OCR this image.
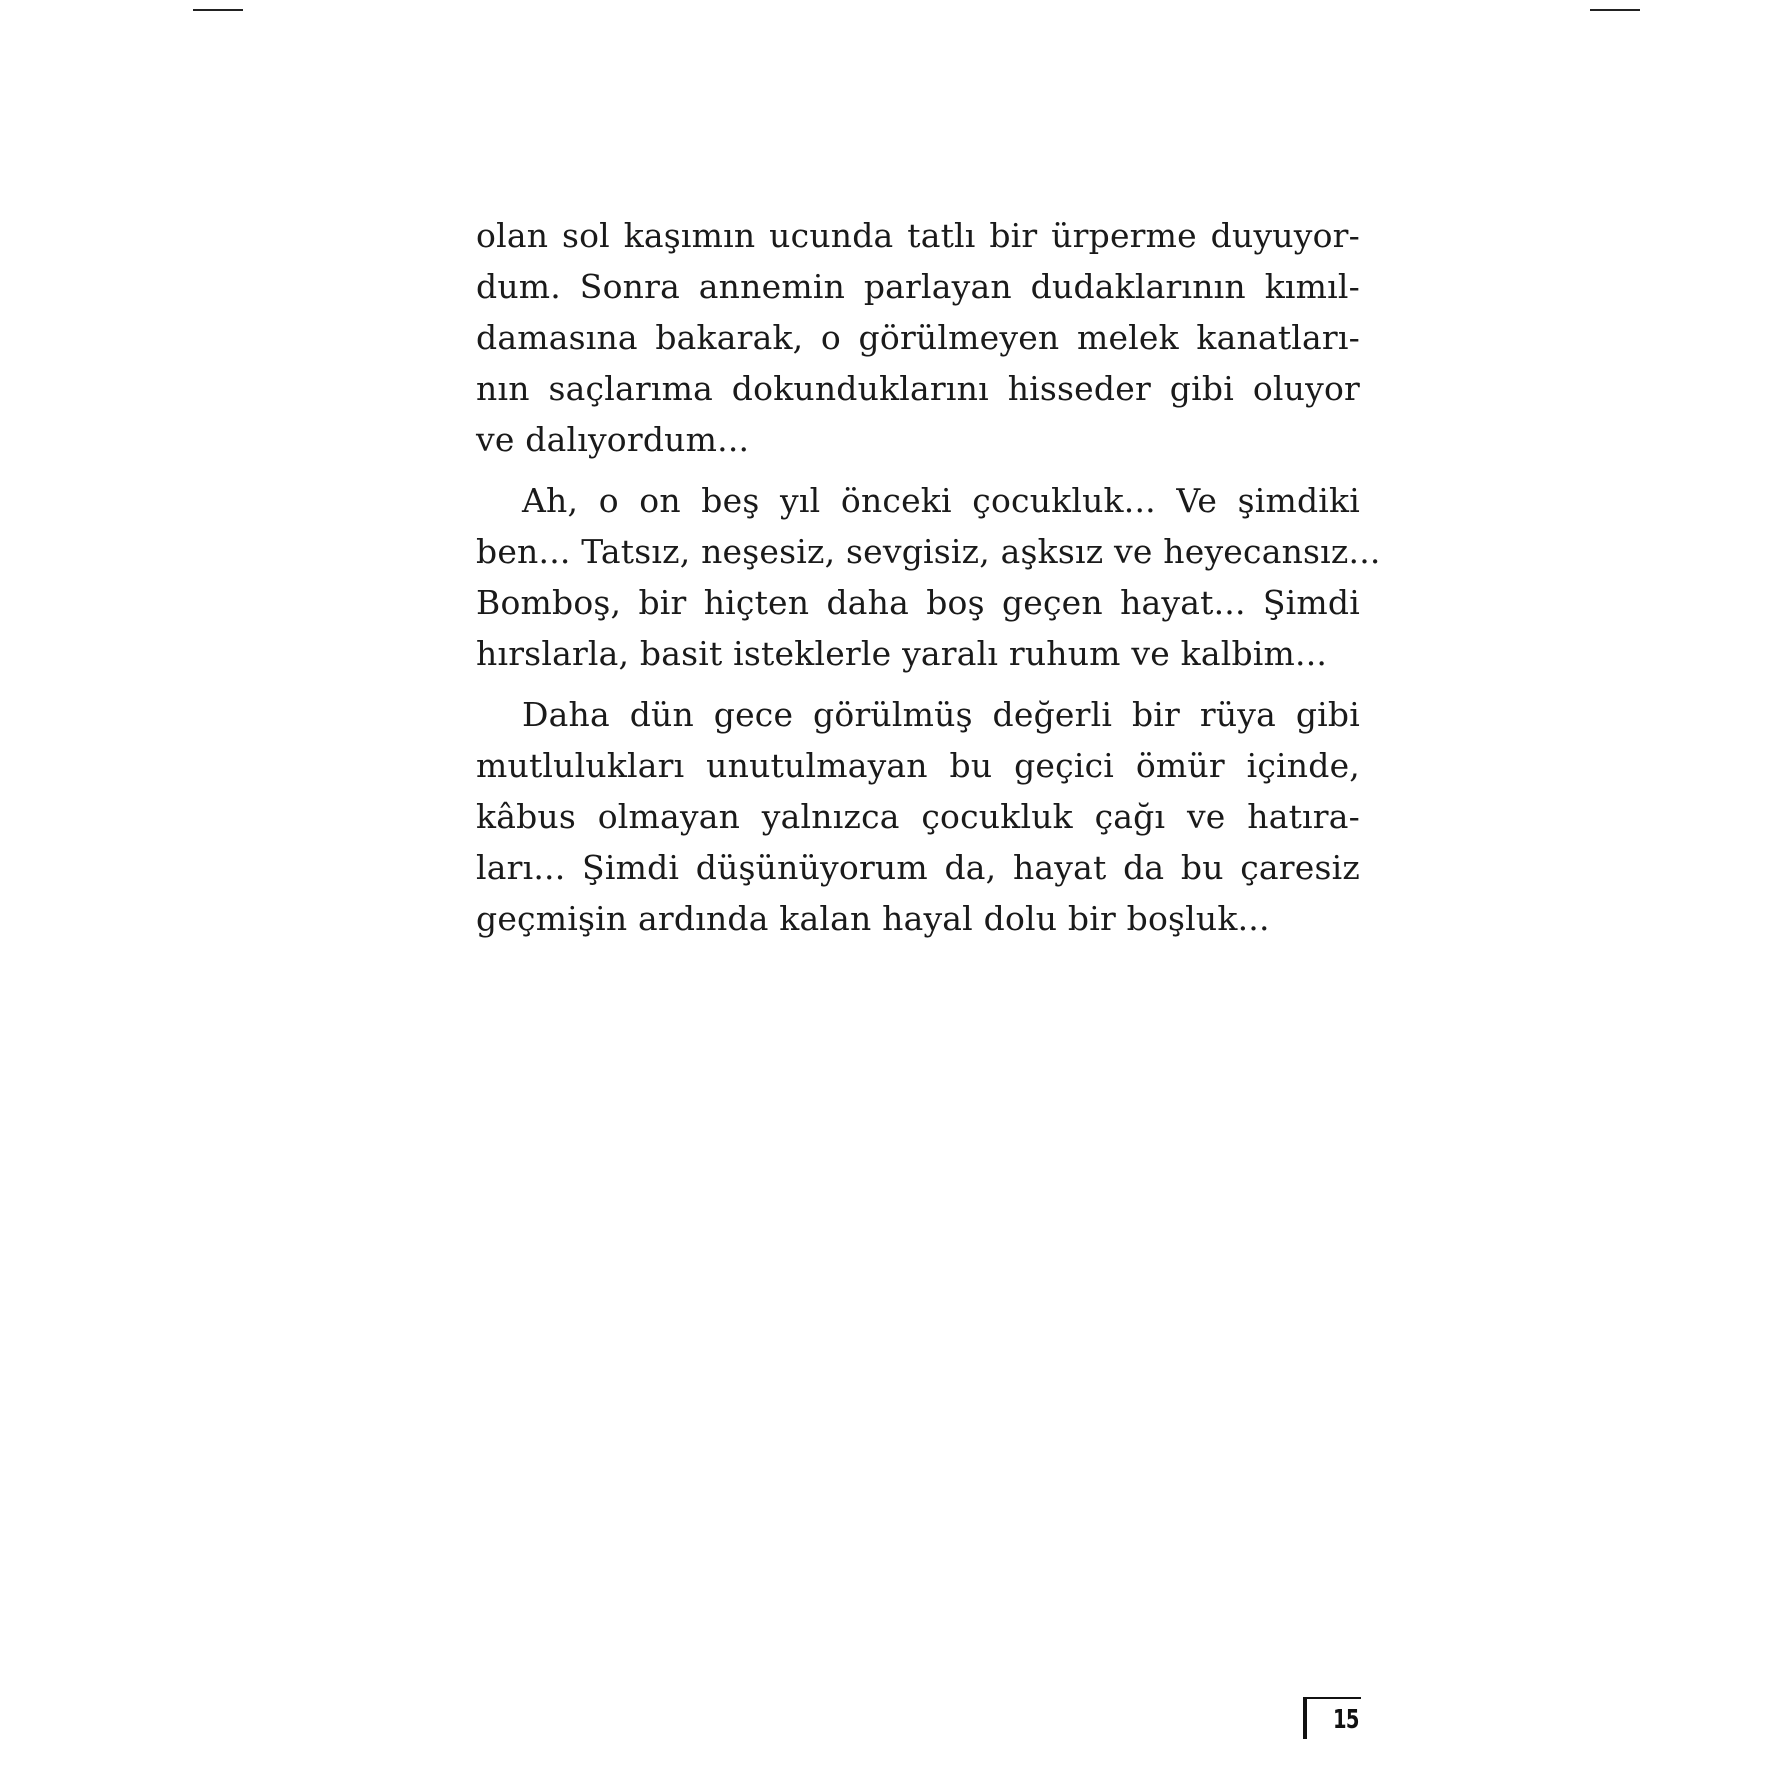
olan sol kaşımın ucunda tatlı bir ürperme duyuyor-
dum. Sonra annemin parlayan dudaklarının kımıl-
damasına bakarak, o görülmeyen melek kanatları-
nın saçlarıma dokunduklarını hisseder gibi oluyor
ve dalıyordum...
Ah, o on beş yıl önceki çocukluk... Ve şimdiki
ben... Tatsız, neşesiz, sevgisiz, aşksız ve heyecansız...
Bomboş, bir hiçten daha boş geçen hayat... Şimdi
hırslarla, basit isteklerle yaralı ruhum ve kalbim...
Daha dün gece görülmüş değerli bir rüya gibi
mutlulukları unutulmayan bu geçici ömür içinde,
kâbus olmayan yalnızca çocukluk çağı ve hatıra-
ları... Şimdi düşünüyorum da, hayat da bu çaresiz
geçmişin ardında kalan hayal dolu bir boşluk...
15
